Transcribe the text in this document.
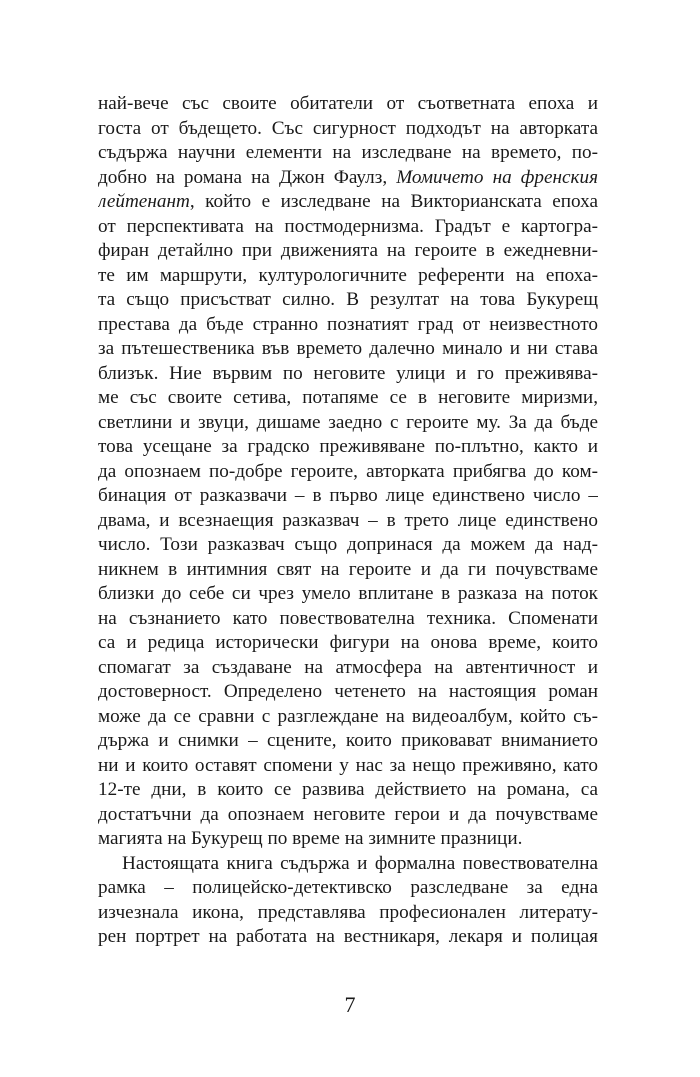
най-вече със своите обитатели от съответната епоха и
госта от бъдещето. Със сигурност подходът на авторката
съдържа научни елементи на изследване на времето, по-
добно на романа на Джон Фаулз, Момичето на френския
лейтенант, който е изследване на Викторианската епоха
от перспективата на постмодернизма. Градът е картогра-
фиран детайлно при движенията на героите в ежедневни-
те им маршрути, културологичните референти на епоха-
та също присъстват силно. В резултат на това Букурещ
престава да бъде странно познатият град от неизвестното
за пътешественика във времето далечно минало и ни става
близък. Ние вървим по неговите улици и го преживява-
ме със своите сетива, потапяме се в неговите миризми,
светлини и звуци, дишаме заедно с героите му. За да бъде
това усещане за градско преживяване по-плътно, както и
да опознаем по-добре героите, авторката прибягва до ком-
бинация от разказвачи – в първо лице единствено число –
двама, и всезнаещия разказвач – в трето лице единствено
число. Този разказвач също допринася да можем да над-
никнем в интимния свят на героите и да ги почувстваме
близки до себе си чрез умело вплитане в разказа на поток
на съзнанието като повествователна техника. Споменати
са и редица исторически фигури на онова време, които
спомагат за създаване на атмосфера на автентичност и
достоверност. Определено четенето на настоящия роман
може да се сравни с разглеждане на видеоалбум, който съ-
държа и снимки – сцените, които приковават вниманието
ни и които оставят спомени у нас за нещо преживяно, като
12-те дни, в които се развива действието на романа, са
достатъчни да опознаем неговите герои и да почувстваме
магията на Букурещ по време на зимните празници.
Настоящата книга съдържа и формална повествователна
рамка – полицейско-детективско разследване за една
изчезнала икона, представлява професионален литерату-
рен портрет на работата на вестникаря, лекаря и полицая
7
